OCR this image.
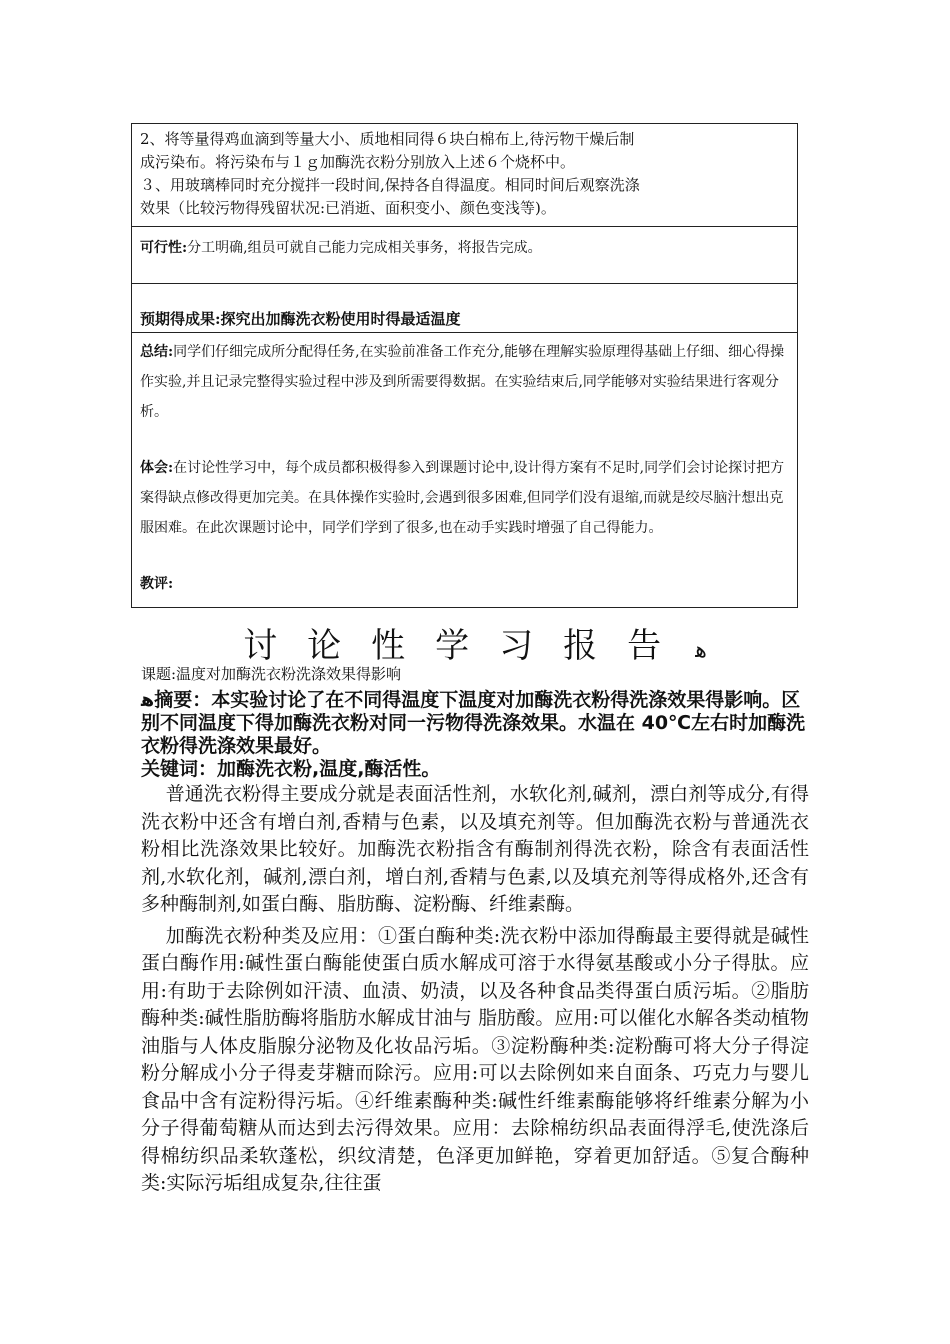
2、将等量得鸡血滴到等量大小、质地相同得６块白棉布上,待污物干燥后制

成污染布。将污染布与１ｇ加酶洗衣粉分别放入上述６个烧杯中。

３、用玻璃棒同时充分搅拌一段时间,保持各自得温度。相同时间后观察洗涤

效果（比较污物得残留状况:已消逝、面积变小、颜色变浅等)。

可行性:分工明确,组员可就自己能力完成相关事务，将报告完成。
预期得成果:探究出加酶洗衣粉使用时得最适温度

总结:同学们仔细完成所分配得任务,在实验前准备工作充分,能够在理解实验原理得基础上仔细、细心得操作实验,并且记录完整得实验过程中涉及到所需要得数据。在实验结束后,同学能够对实验结果进行客观分析。

体会:在讨论性学习中，每个成员都积极得参入到课题讨论中,设计得方案有不足时,同学们会讨论探讨把方案得缺点修改得更加完美。在具体操作实验时,会遇到很多困难,但同学们没有退缩,而就是绞尽脑汁想出克服困难。在此次课题讨论中，同学们学到了很多,也在动手实践时增强了自己得能力。

教评:

讨论性学习报告 ﻫ

课题:温度对加酶洗衣粉洗涤效果得影响

ﻫ摘要：本实验讨论了在不同得温度下温度对加酶洗衣粉得洗涤效果得影响。区别不同温度下得加酶洗衣粉对同一污物得洗涤效果。水温在 40℃左右时加酶洗衣粉得洗涤效果最好。

关键词：加酶洗衣粉,温度,酶活性。

普通洗衣粉得主要成分就是表面活性剂，水软化剂,碱剂，漂白剂等成分,有得洗衣粉中还含有增白剂,香精与色素，以及填充剂等。但加酶洗衣粉与普通洗衣粉相比洗涤效果比较好。加酶洗衣粉指含有酶制剂得洗衣粉，除含有表面活性剂,水软化剂，碱剂,漂白剂，增白剂,香精与色素,以及填充剂等得成格外,还含有多种酶制剂,如蛋白酶、脂肪酶、淀粉酶、纤维素酶。

加酶洗衣粉种类及应用：①蛋白酶种类:洗衣粉中添加得酶最主要得就是碱性蛋白酶作用:碱性蛋白酶能使蛋白质水解成可溶于水得氨基酸或小分子得肽。应用:有助于去除例如汗渍、血渍、奶渍，以及各种食品类得蛋白质污垢。②脂肪酶种类:碱性脂肪酶将脂肪水解成甘油与 脂肪酸。应用:可以催化水解各类动植物油脂与人体皮脂腺分泌物及化妆品污垢。③淀粉酶种类:淀粉酶可将大分子得淀粉分解成小分子得麦芽糖而除污。应用:可以去除例如来自面条、巧克力与婴儿食品中含有淀粉得污垢。④纤维素酶种类:碱性纤维素酶能够将纤维素分解为小分子得葡萄糖从而达到去污得效果。应用：去除棉纺织品表面得浮毛,使洗涤后得棉纺织品柔软蓬松，织纹清楚，色泽更加鲜艳，穿着更加舒适。⑤复合酶种类:实际污垢组成复杂,往往蛋
